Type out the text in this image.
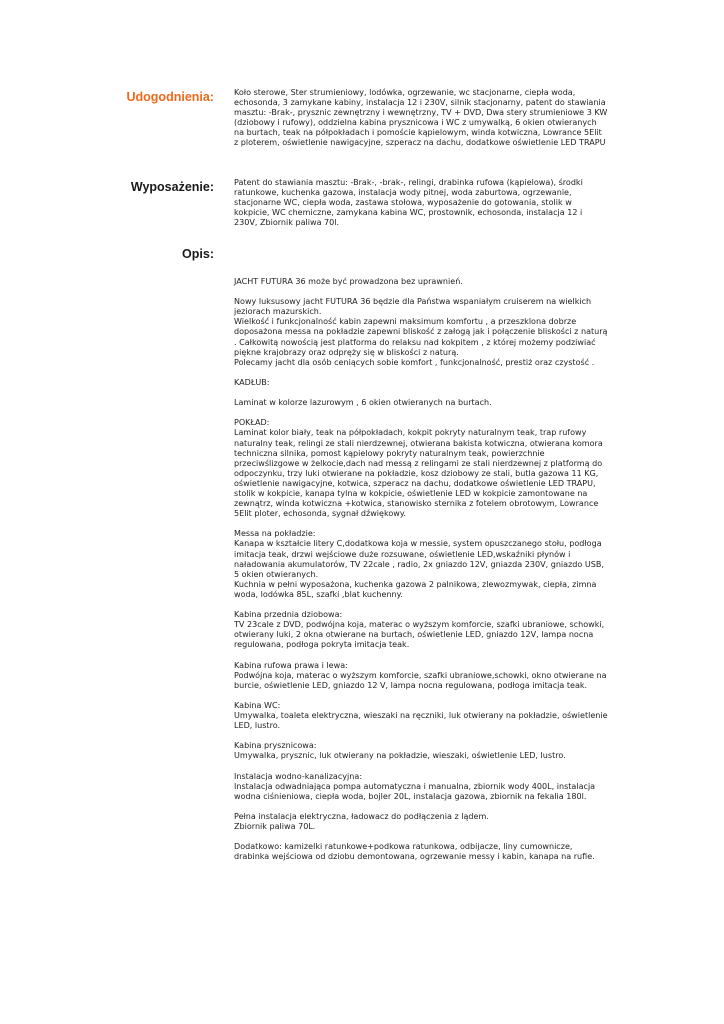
Udogodnienia: Koło sterowe, Ster strumieniowy, lodówka, ogrzewanie, wc stacjonarne, ciepła woda, echosonda, 3 zamykane kabiny, instalacja 12 i 230V, silnik stacjonarny, patent do stawiania masztu: -Brak-, prysznic zewnętrzny i wewnętrzny, TV + DVD, Dwa stery strumieniowe 3 KW (dziobowy i rufowy), oddzielna kabina prysznicowa i WC z umywalką, 6 okien otwieranych na burtach, teak na półpokładach i pomoście kąpielowym, winda kotwiczna, Lowrance 5Elit z ploterem, oświetlenie nawigacyjne, szperacz na dachu, dodatkowe oświetlenie LED TRAPU

Wyposażenie: Patent do stawiania masztu: -Brak-, -brak-, relingi, drabinka rufowa (kąpielowa), środki ratunkowe, kuchenka gazowa, instalacja wody pitnej, woda zaburtowa, ogrzewanie, stacjonarne WC, ciepła woda, zastawa stołowa, wyposażenie do gotowania, stolik w kokpicie, WC chemiczne, zamykana kabina WC, prostownik, echosonda, instalacja 12 i 230V, Zbiornik paliwa 70l.

Opis:

JACHT FUTURA 36 może być prowadzona bez uprawnień.

Nowy luksusowy jacht FUTURA 36 będzie dla Państwa wspaniałym cruiserem na wielkich jeziorach mazurskich.
Wielkość i funkcjonalność kabin zapewni maksimum komfortu , a przeszklona dobrze doposażona messa na pokładzie zapewni bliskość z załogą jak i połączenie bliskości z naturą . Całkowitą nowością jest platforma do relaksu nad kokpitem , z której możemy podziwiać piękne krajobrazy oraz odpręży się w bliskości z naturą.
Polecamy jacht dla osób ceniących sobie komfort , funkcjonalność, prestiż oraz czystość .

KADŁUB:

Laminat w kolorze lazurowym , 6 okien otwieranych na burtach.

POKŁAD:
Laminat kolor biały, teak na półpokładach, kokpit pokryty naturalnym teak, trap rufowy naturalny teak, relingi ze stali nierdzewnej, otwierana bakista kotwiczna, otwierana komora techniczna silnika, pomost kąpielowy pokryty naturalnym teak, powierzchnie przeciwślizgowe w żelkocie,dach nad messą z relingami ze stali nierdzewnej z platformą do odpoczynku, trzy luki otwierane na pokładzie, kosz dziobowy ze stali, butla gazowa 11 KG, oświetlenie nawigacyjne, kotwica, szperacz na dachu, dodatkowe oświetlenie LED TRAPU, stolik w kokpicie, kanapa tylna w kokpicie, oświetlenie LED w kokpicie zamontowane na zewnątrz, winda kotwiczna +kotwica, stanowisko sternika z fotelem obrotowym, Lowrance 5Elit ploter, echosonda, sygnał dźwiękowy.

Messa na pokładzie:
Kanapa w kształcie litery C,dodatkowa koja w messie, system opuszczanego stołu, podłoga imitacja teak, drzwi wejściowe duże rozsuwane, oświetlenie LED,wskaźniki płynów i naładowania akumulatorów, TV 22cale , radio, 2x gniazdo 12V, gniazda 230V, gniazdo USB, 5 okien otwieranych.
Kuchnia w pełni wyposażona, kuchenka gazowa 2 palnikowa, zlewozmywak, ciepła, zimna woda, lodówka 85L, szafki ,blat kuchenny.

Kabina przednia dziobowa:
TV 23cale z DVD, podwójna koja, materac o wyższym komforcie, szafki ubraniowe, schowki, otwierany luki, 2 okna otwierane na burtach, oświetlenie LED, gniazdo 12V, lampa nocna regulowana, podłoga pokryta imitacja teak.

Kabina rufowa prawa i lewa:
Podwójna koja, materac o wyższym komforcie, szafki ubraniowe,schowki, okno otwierane na burcie, oświetlenie LED, gniazdo 12 V, lampa nocna regulowana, podłoga imitacja teak.

Kabina WC:
Umywalka, toaleta elektryczna, wieszaki na ręczniki, luk otwierany na pokładzie, oświetlenie LED, lustro.

Kabina prysznicowa:
Umywalka, prysznic, luk otwierany na pokładzie, wieszaki, oświetlenie LED, lustro.

Instalacja wodno-kanalizacyjna:
Instalacja odwadniająca pompa automatyczna i manualna, zbiornik wody 400L, instalacja wodna ciśnieniowa, ciepła woda, bojler 20L, instalacja gazowa, zbiornik na fekalia 180l.

Pełna instalacja elektryczna, ładowacz do podłączenia z lądem.
Zbiornik paliwa 70L.

Dodatkowo: kamizelki ratunkowe+podkowa ratunkowa, odbijacze, liny cumownicze, drabinka wejściowa od dziobu demontowana, ogrzewanie messy i kabin, kanapa na rufie.
